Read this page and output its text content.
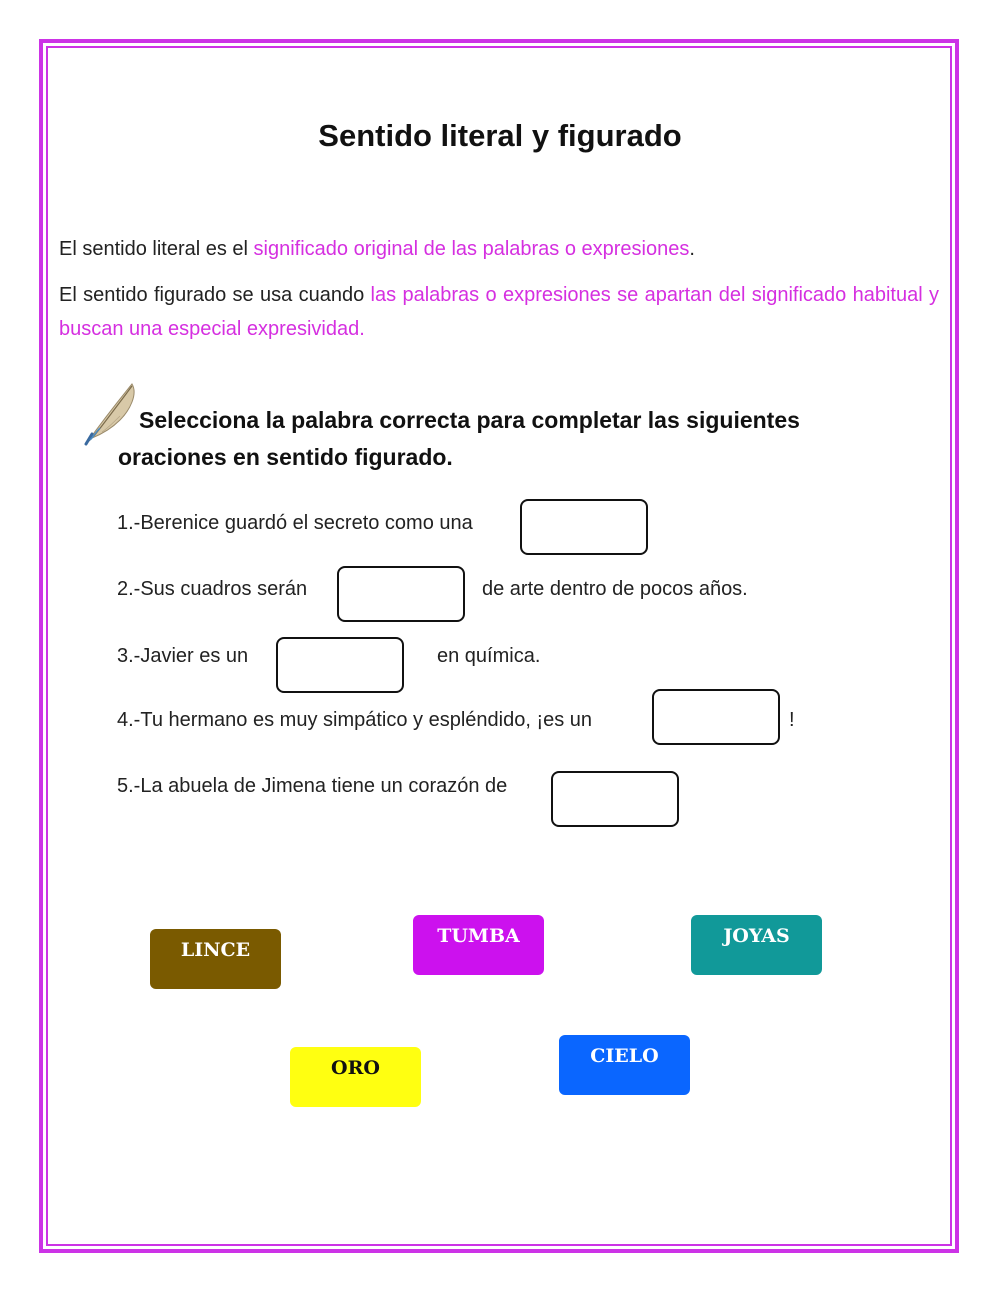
Sentido literal y figurado
El sentido literal es el significado original de las palabras o expresiones.
El sentido figurado se usa cuando las palabras o expresiones se apartan del significado habitual y buscan una especial expresividad.
Selecciona la palabra correcta para completar las siguientes
oraciones en sentido figurado.
1.-Berenice guardó el secreto como una
2.-Sus cuadros serán	de arte dentro de pocos años.
3.-Javier es un	en química.
4.-Tu hermano es muy simpático y espléndido, ¡es un	!
5.-La abuela de Jimena tiene un corazón de
LINCE
TUMBA	JOYAS
ORO
CIELO
